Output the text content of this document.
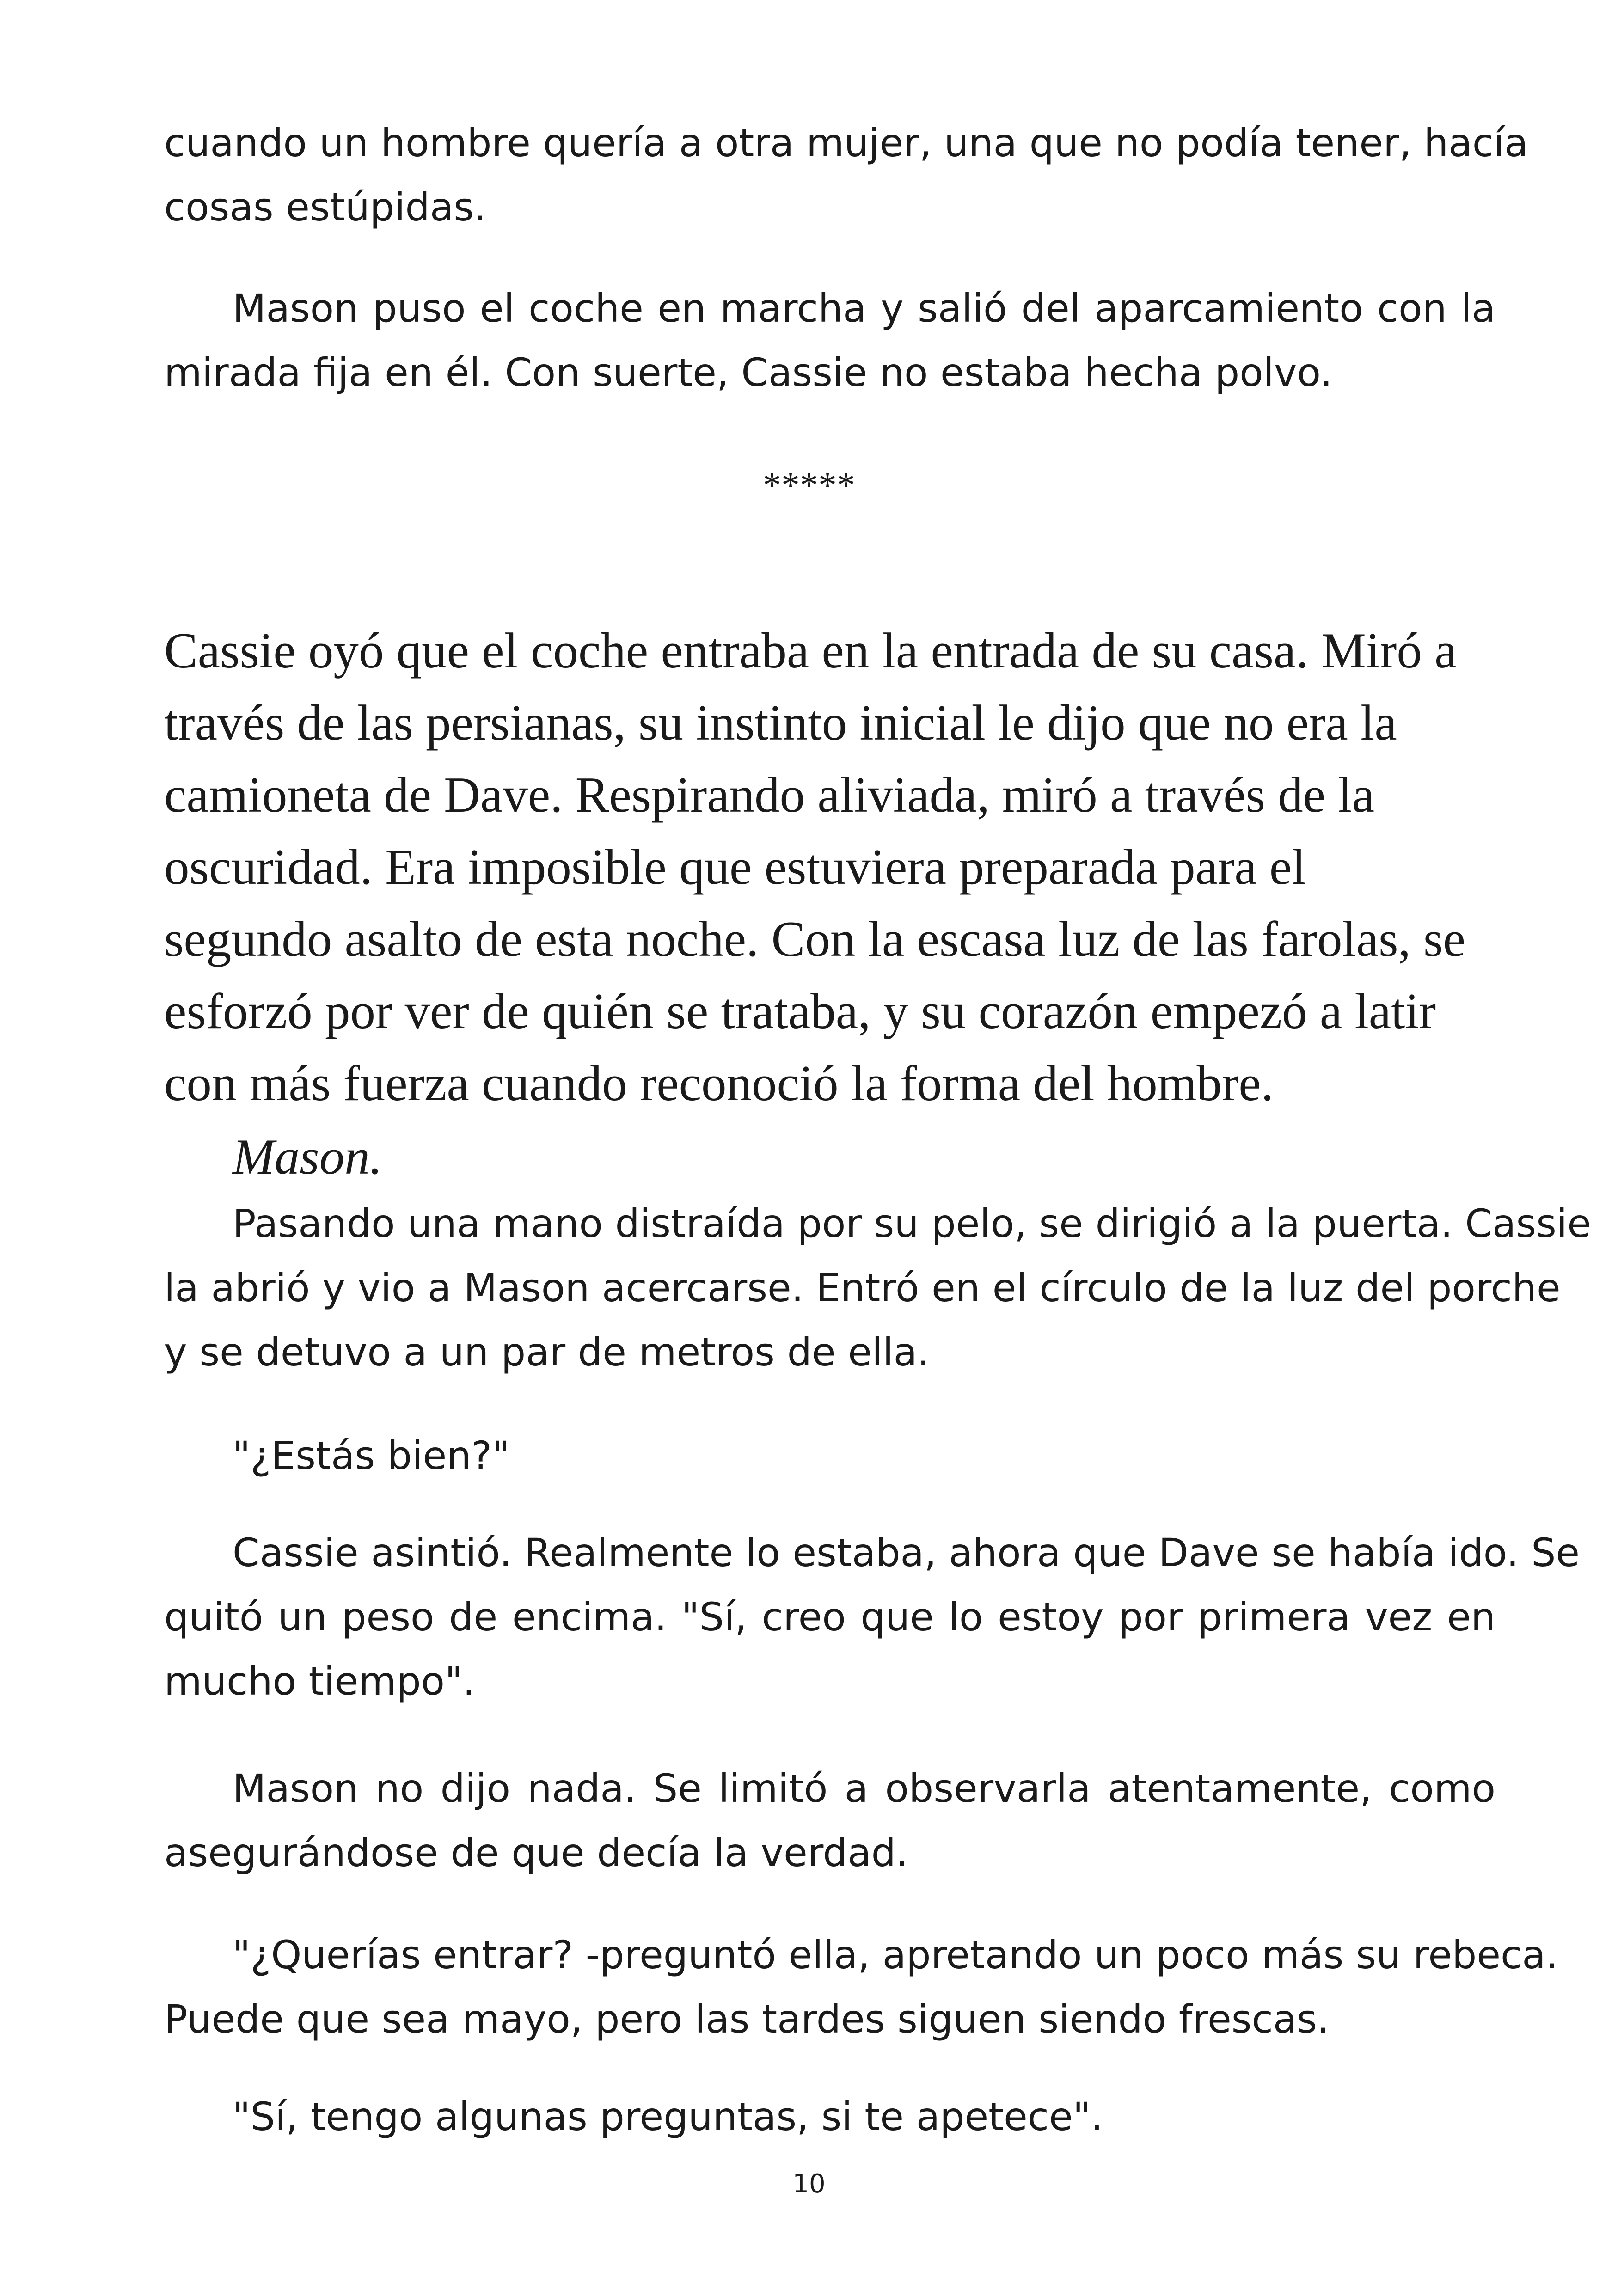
cuando un hombre quería a otra mujer, una que no podía tener, hacía
cosas estúpidas.
Mason puso el coche en marcha y salió del aparcamiento con la
mirada fija en él. Con suerte, Cassie no estaba hecha polvo.
*****
Cassie oyó que el coche entraba en la entrada de su casa. Miró a
través de las persianas, su instinto inicial le dijo que no era la
camioneta de Dave. Respirando aliviada, miró a través de la
oscuridad. Era imposible que estuviera preparada para el
segundo asalto de esta noche. Con la escasa luz de las farolas, se
esforzó por ver de quién se trataba, y su corazón empezó a latir
con más fuerza cuando reconoció la forma del hombre.
Mason.
Pasando una mano distraída por su pelo, se dirigió a la puerta. Cassie
la abrió y vio a Mason acercarse. Entró en el círculo de la luz del porche
y se detuvo a un par de metros de ella.
"¿Estás bien?"
Cassie asintió. Realmente lo estaba, ahora que Dave se había ido. Se
quitó un peso de encima. "Sí, creo que lo estoy por primera vez en
mucho tiempo".
Mason no dijo nada. Se limitó a observarla atentamente, como
asegurándose de que decía la verdad.
"¿Querías entrar? -preguntó ella, apretando un poco más su rebeca.
Puede que sea mayo, pero las tardes siguen siendo frescas.
"Sí, tengo algunas preguntas, si te apetece".
10
